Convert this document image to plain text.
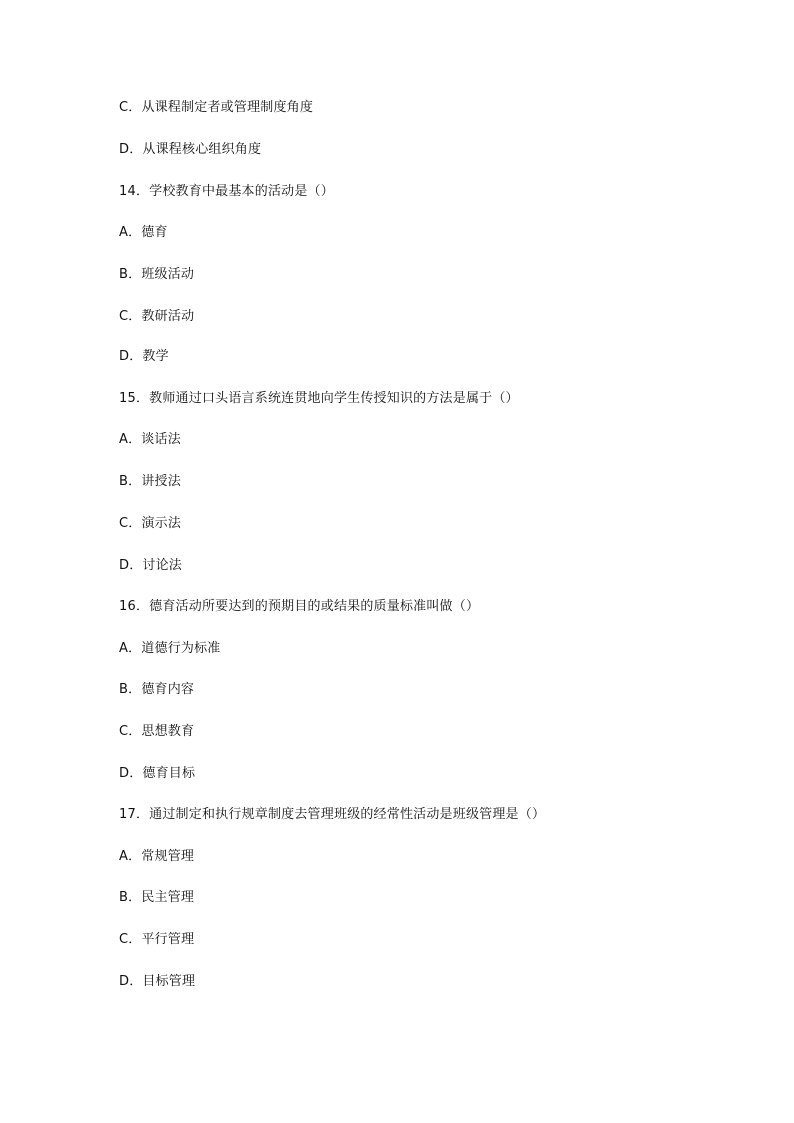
C．从课程制定者或管理制度角度
D．从课程核心组织角度
14．学校教育中最基本的活动是（）
A．德育
B．班级活动
C．教研活动
D．教学
15．教师通过口头语言系统连贯地向学生传授知识的方法是属于（）
A．谈话法
B．讲授法
C．演示法
D．讨论法
16．德育活动所要达到的预期目的或结果的质量标准叫做（）
A．道德行为标准
B．德育内容
C．思想教育
D．德育目标
17．通过制定和执行规章制度去管理班级的经常性活动是班级管理是（）
A．常规管理
B．民主管理
C．平行管理
D．目标管理
